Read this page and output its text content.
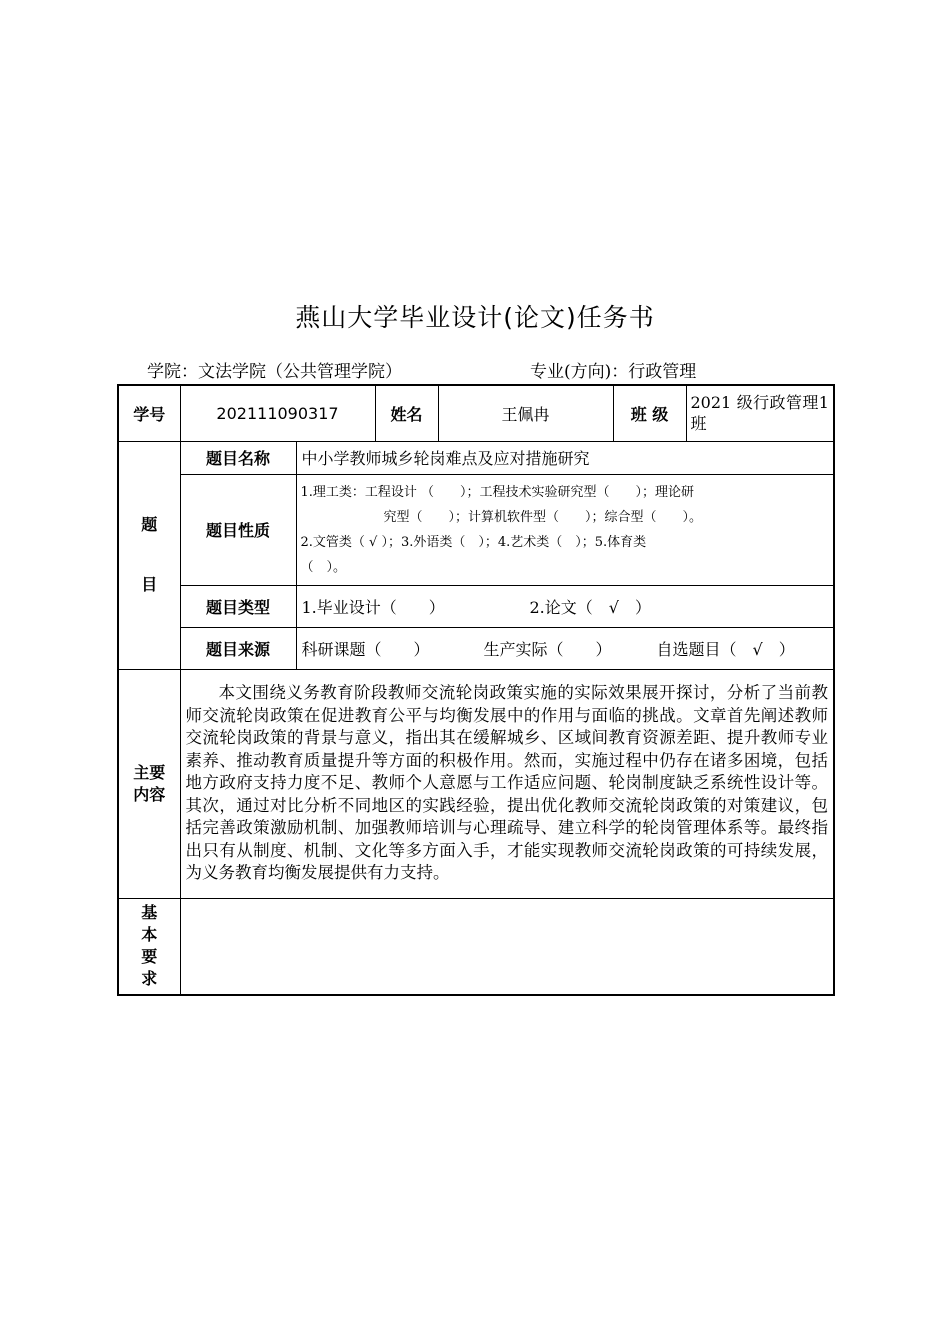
燕山大学毕业设计(论文)任务书
学院：文法学院（公共管理学院）	专业(方向)：行政管理
学号	202111090317		姓名	王佩冉	班 级	2021 级行政管理1班

题
目	题目名称	中小学教师城乡轮岗难点及应对措施研究				
	题目性质	1.理工类：工程设计 （　　）；工程技术实验研究型（　　）；理论研
究型（　　）；计算机软件型（　　）；综合型（　　）。
2.文管类（ √ ）；3.外语类（　）；4.艺术类（　）；5.体育类
（　）。				

	题目类型	1.毕业设计（　　） 2.论文（　√　）				
	题目来源	科研课题（　　） 生产实际（　　） 自选题目（　√　）				

主要
内容	本文围绕义务教育阶段教师交流轮岗政策实施的实际效果展开探讨，分析了当前教师交流轮岗政策在促进教育公平与均衡发展中的作用与面临的挑战。文章首先阐述教师交流轮岗政策的背景与意义，指出其在缓解城乡、区域间教育资源差距、提升教师专业素养、推动教育质量提升等方面的积极作用。然而，实施过程中仍存在诸多困境，包括地方政府支持力度不足、教师个人意愿与工作适应问题、轮岗制度缺乏系统性设计等。其次，通过对比分析不同地区的实践经验，提出优化教师交流轮岗政策的对策建议，包括完善政策激励机制、加强教师培训与心理疏导、建立科学的轮岗管理体系等。最终指出只有从制度、机制、文化等多方面入手，才能实现教师交流轮岗政策的可持续发展，为义务教育均衡发展提供有力支持。					

基
本
要
求						
